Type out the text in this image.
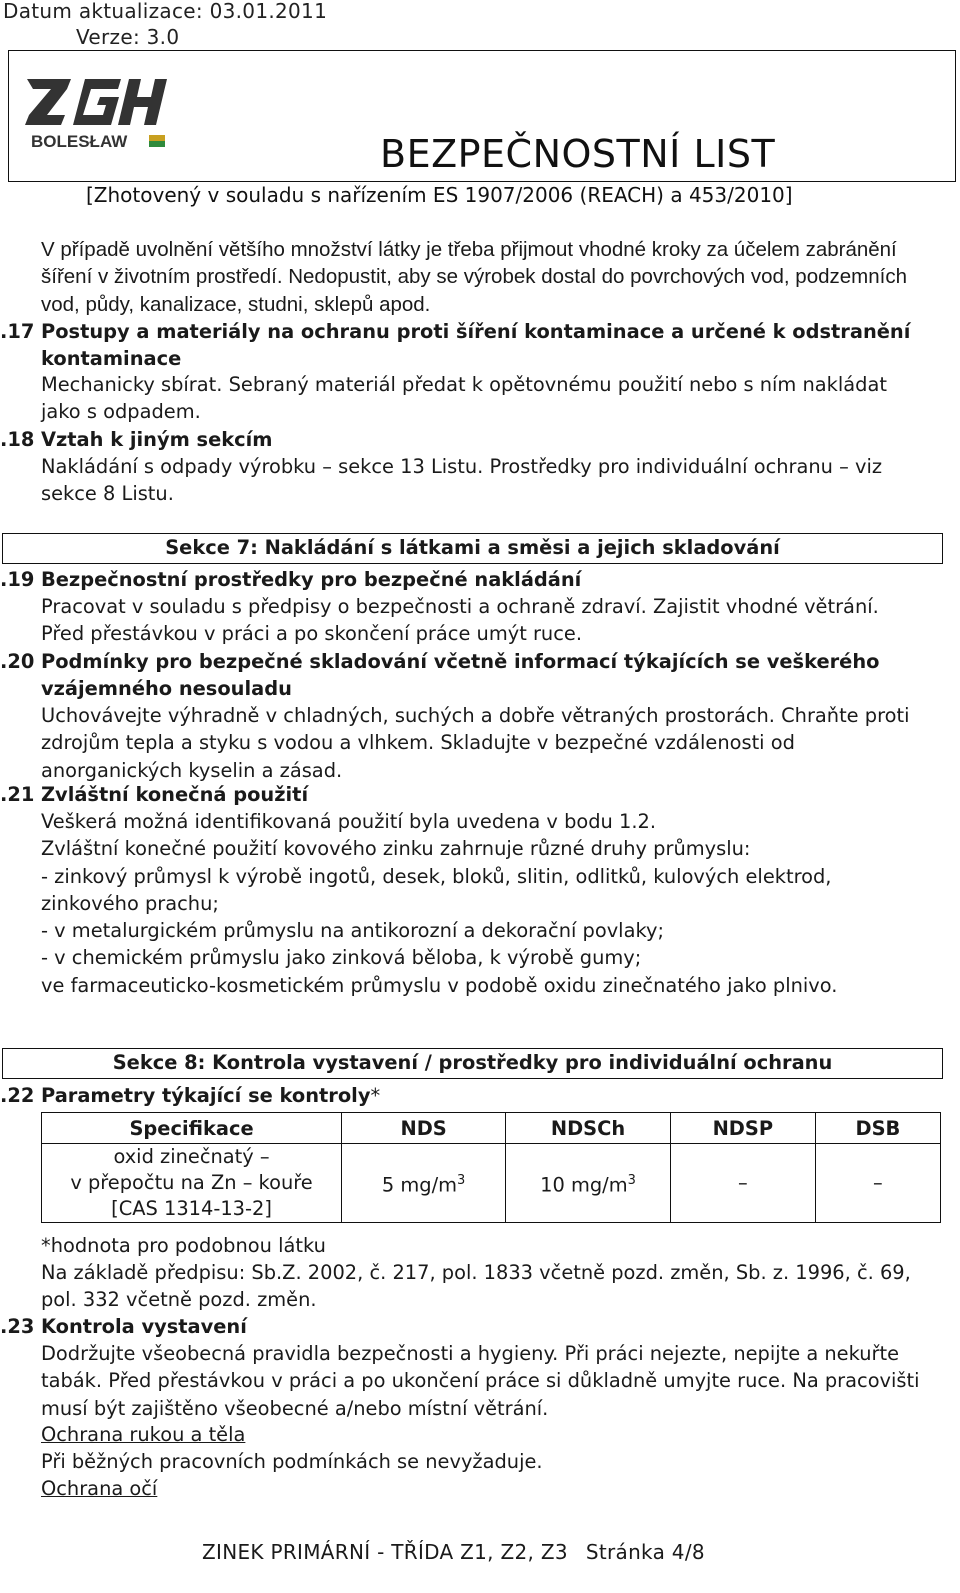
Datum aktualizace: 03.01.2011
Verze: 3.0
BOLESŁAW	BEZPEČNOSTNÍ LIST
[Zhotovený v souladu s nařízením ES 1907/2006 (REACH) a 453/2010]
V případě uvolnění většího množství látky je třeba přijmout vhodné kroky za účelem zabránění šíření v životním prostředí. Nedopustit, aby se výrobek dostal do povrchových vod, podzemních vod, půdy, kanalizace, studni, sklepů apod.
.17 Postupy a materiály na ochranu proti šíření kontaminace a určené k odstranění kontaminace
Mechanicky sbírat. Sebraný materiál předat k opětovnému použití nebo s ním nakládat jako s odpadem.
.18 Vztah k jiným sekcím
Nakládání s odpady výrobku – sekce 13 Listu. Prostředky pro individuální ochranu – viz sekce 8 Listu.
Sekce 7: Nakládání s látkami a směsi a jejich skladování
.19 Bezpečnostní prostředky pro bezpečné nakládání
Pracovat v souladu s předpisy o bezpečnosti a ochraně zdraví. Zajistit vhodné větrání. Před přestávkou v práci a po skončení práce umýt ruce.
.20 Podmínky pro bezpečné skladování včetně informací týkajících se veškerého vzájemného nesouladu
Uchovávejte výhradně v chladných, suchých a dobře větraných prostorách. Chraňte proti zdrojům tepla a styku s vodou a vlhkem. Skladujte v bezpečné vzdálenosti od anorganických kyselin a zásad.
.21 Zvláštní konečná použití
Veškerá možná identifikovaná použití byla uvedena v bodu 1.2.
Zvláštní konečné použití kovového zinku zahrnuje různé druhy průmyslu:
- zinkový průmysl k výrobě ingotů, desek, bloků, slitin, odlitků, kulových elektrod, zinkového prachu;
- v metalurgickém průmyslu na antikorozní a dekorační povlaky;
- v chemickém průmyslu jako zinková běloba, k výrobě gumy;
ve farmaceuticko-kosmetickém průmyslu v podobě oxidu zinečnatého jako plnivo.
Sekce 8: Kontrola vystavení / prostředky pro individuální ochranu
.22 Parametry týkající se kontroly*
Specifikace	NDS	NDSCh	NDSP	DSB

oxid zinečnatý –
v přepočtu na Zn – kouře
[CAS 1314-13-2]	5 $mg/m^3$	10 $mg/m^3$	–	–
*hodnota pro podobnou látku
Na základě předpisu: Sb.Z. 2002, č. 217, pol. 1833 včetně pozd. změn, Sb. z. 1996, č. 69, pol. 332 včetně pozd. změn.
.23 Kontrola vystavení
Dodržujte všeobecná pravidla bezpečnosti a hygieny. Při práci nejezte, nepijte a nekuřte tabák. Před přestávkou v práci a po ukončení práce si důkladně umyjte ruce. Na pracovišti musí být zajištěno všeobecné a/nebo místní větrání.
Ochrana rukou a těla
Při běžných pracovních podmínkách se nevyžaduje.
Ochrana očí
ZINEK PRIMÁRNÍ - TŘÍDA Z1, Z2, Z3 Stránka 4/8
